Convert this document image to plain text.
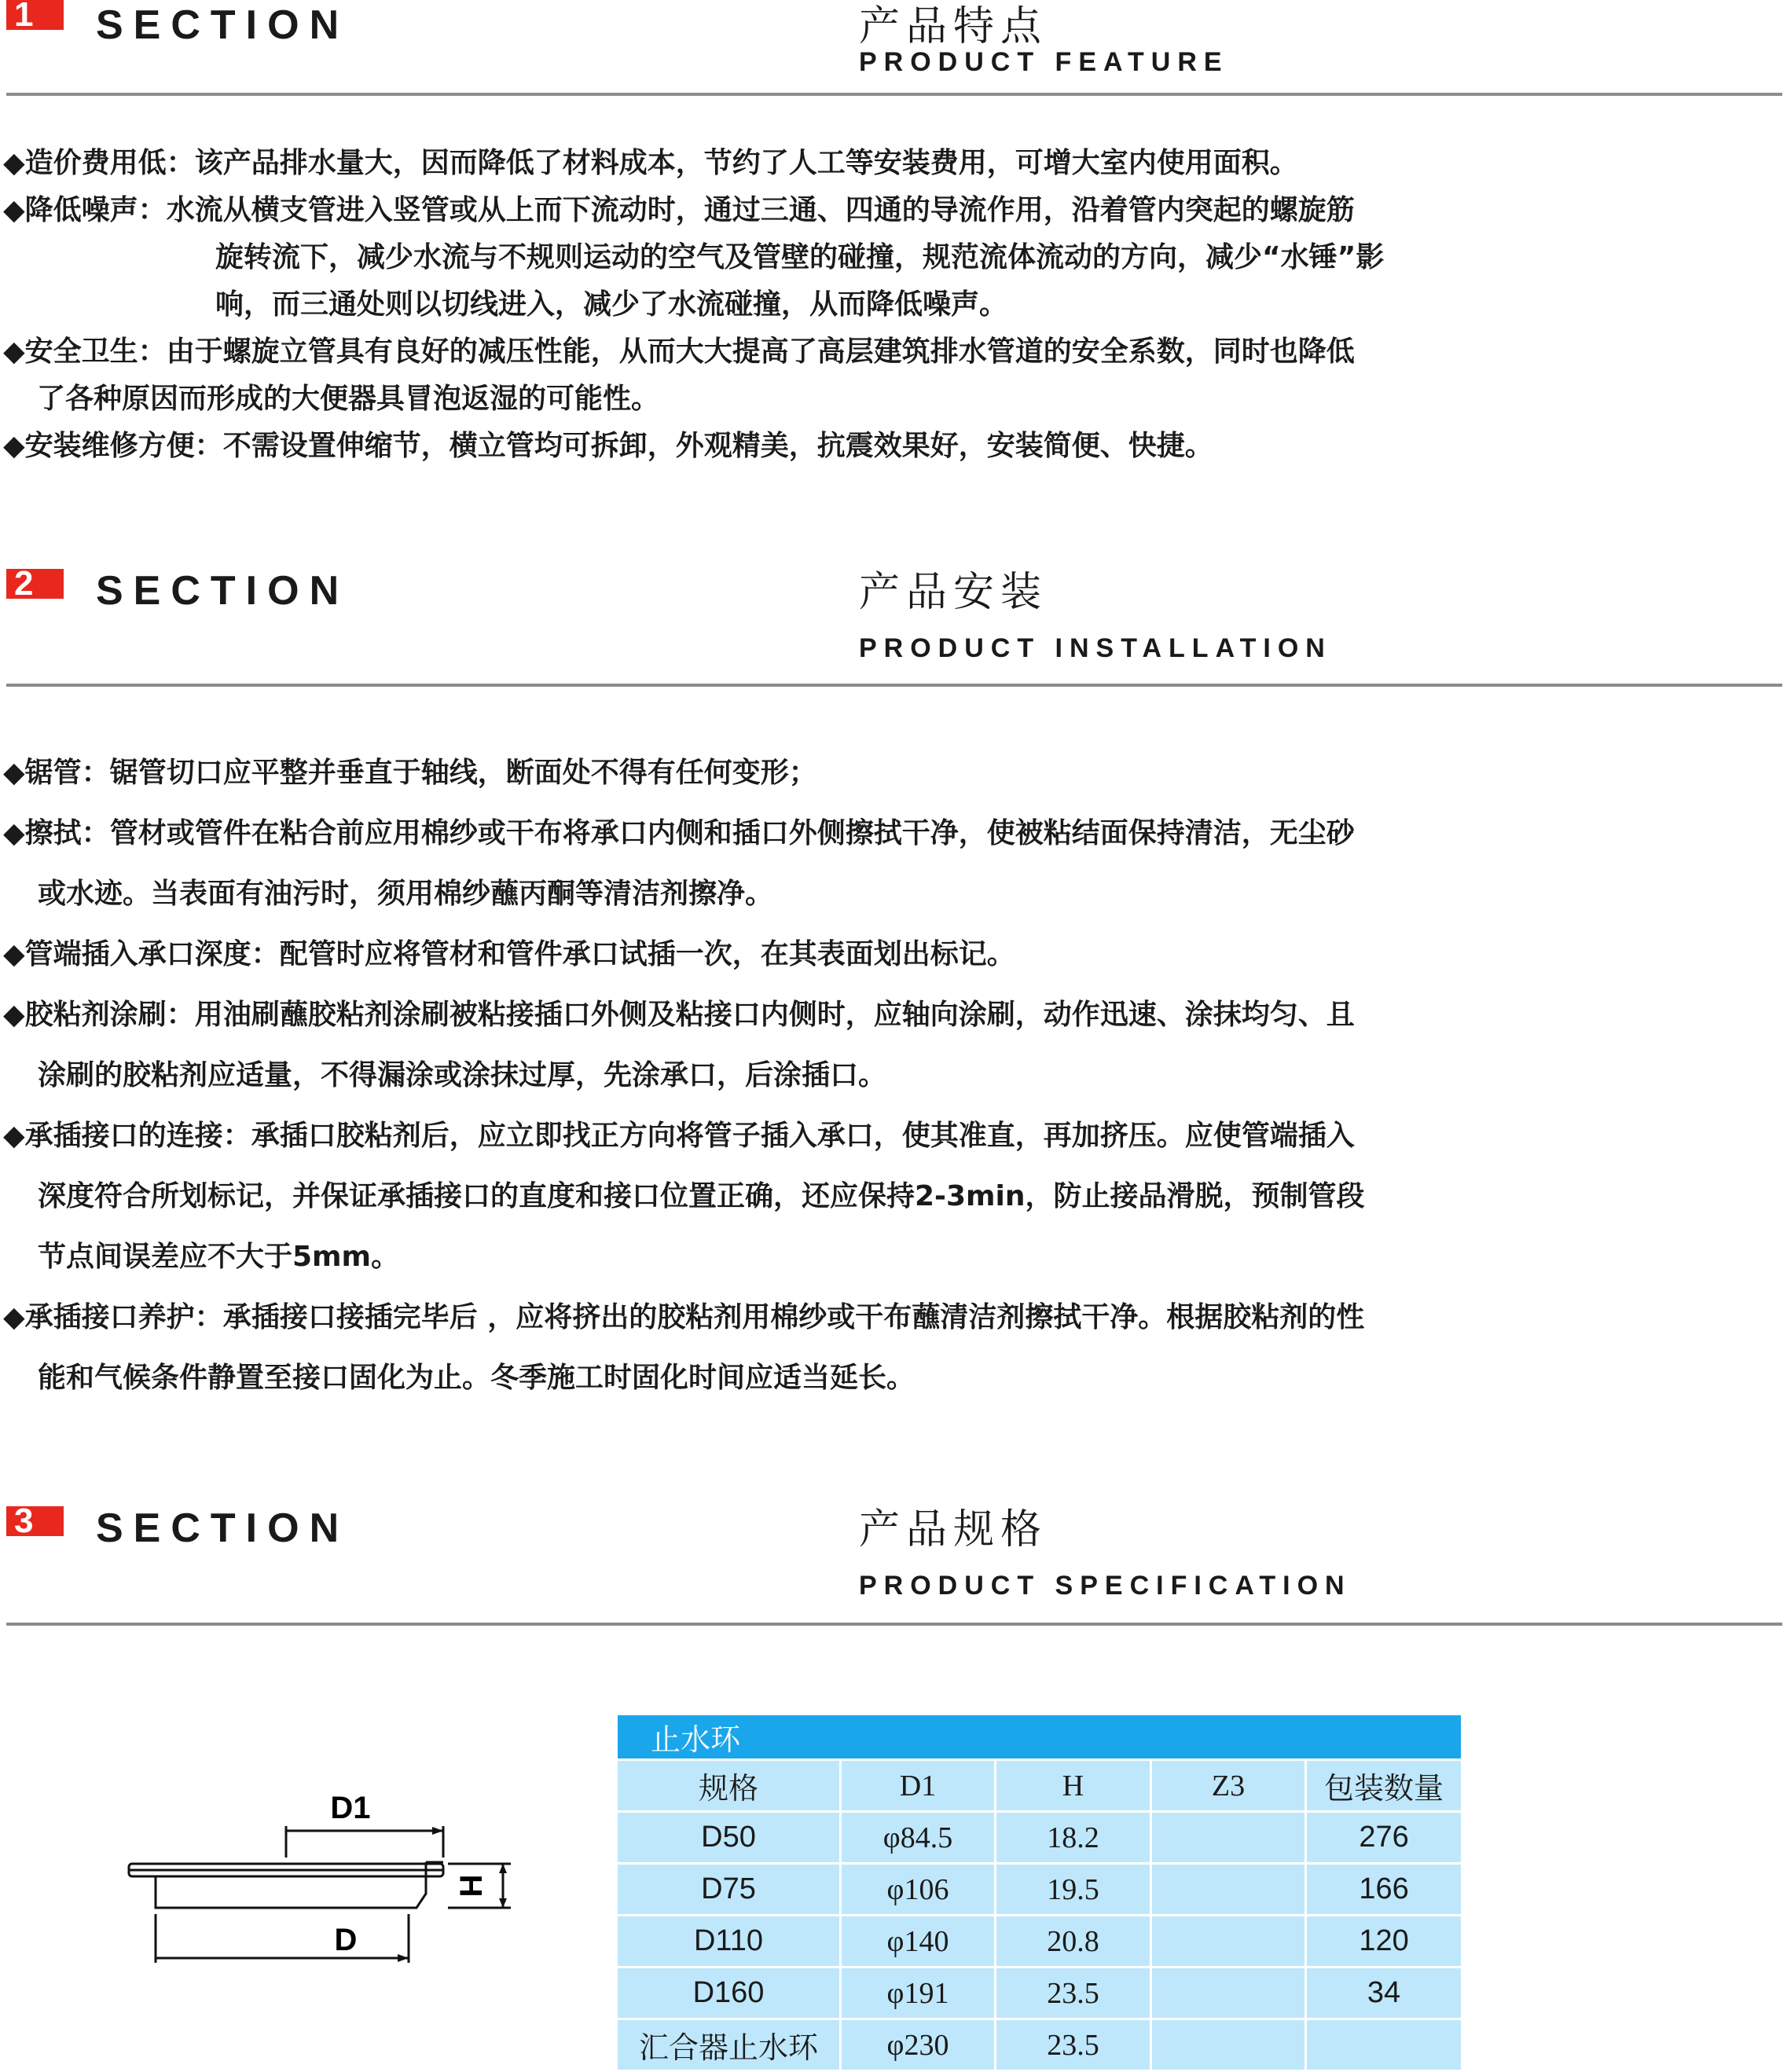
1	SECTION	产品特点
PRODUCT FEATURE
◆造价费用低：该产品排水量大，因而降低了材料成本，节约了人工等安装费用，可增大室内使用面积。
◆降低噪声：水流从横支管进入竖管或从上而下流动时，通过三通、四通的导流作用，沿着管内突起的螺旋筋
旋转流下，减少水流与不规则运动的空气及管壁的碰撞，规范流体流动的方向，减少“水锤”影
响，而三通处则以切线进入，减少了水流碰撞，从而降低噪声。
◆安全卫生：由于螺旋立管具有良好的减压性能，从而大大提高了高层建筑排水管道的安全系数，同时也降低
了各种原因而形成的大便器具冒泡返湿的可能性。
◆安装维修方便：不需设置伸缩节，横立管均可拆卸，外观精美，抗震效果好，安装简便、快捷。
2	SECTION	产品安装
PRODUCT INSTALLATION
◆锯管：锯管切口应平整并垂直于轴线，断面处不得有任何变形；
◆擦拭：管材或管件在粘合前应用棉纱或干布将承口内侧和插口外侧擦拭干净，使被粘结面保持清洁，无尘砂
或水迹。当表面有油污时，须用棉纱蘸丙酮等清洁剂擦净。
◆管端插入承口深度：配管时应将管材和管件承口试插一次，在其表面划出标记。
◆胶粘剂涂刷：用油刷蘸胶粘剂涂刷被粘接插口外侧及粘接口内侧时，应轴向涂刷，动作迅速、涂抹均匀、且
涂刷的胶粘剂应适量，不得漏涂或涂抹过厚，先涂承口，后涂插口。
◆承插接口的连接：承插口胶粘剂后，应立即找正方向将管子插入承口，使其准直，再加挤压。应使管端插入
深度符合所划标记，并保证承插接口的直度和接口位置正确，还应保持2-3min，防止接品滑脱，预制管段
节点间误差应不大于5mm。
◆承插接口养护：承插接口接插完毕后 ，应将挤出的胶粘剂用棉纱或干布蘸清洁剂擦拭干净。根据胶粘剂的性
能和气候条件静置至接口固化为止。冬季施工时固化时间应适当延长。
3	SECTION	产品规格
PRODUCT SPECIFICATION
D1
D
H
止水环				
规格	D1	H	Z3	包装数量
D50	φ84.5	18.2		276
D75	φ106	19.5		166
D110	φ140	20.8		120
D160	φ191	23.5		34
汇合器止水环	φ230	23.5		
